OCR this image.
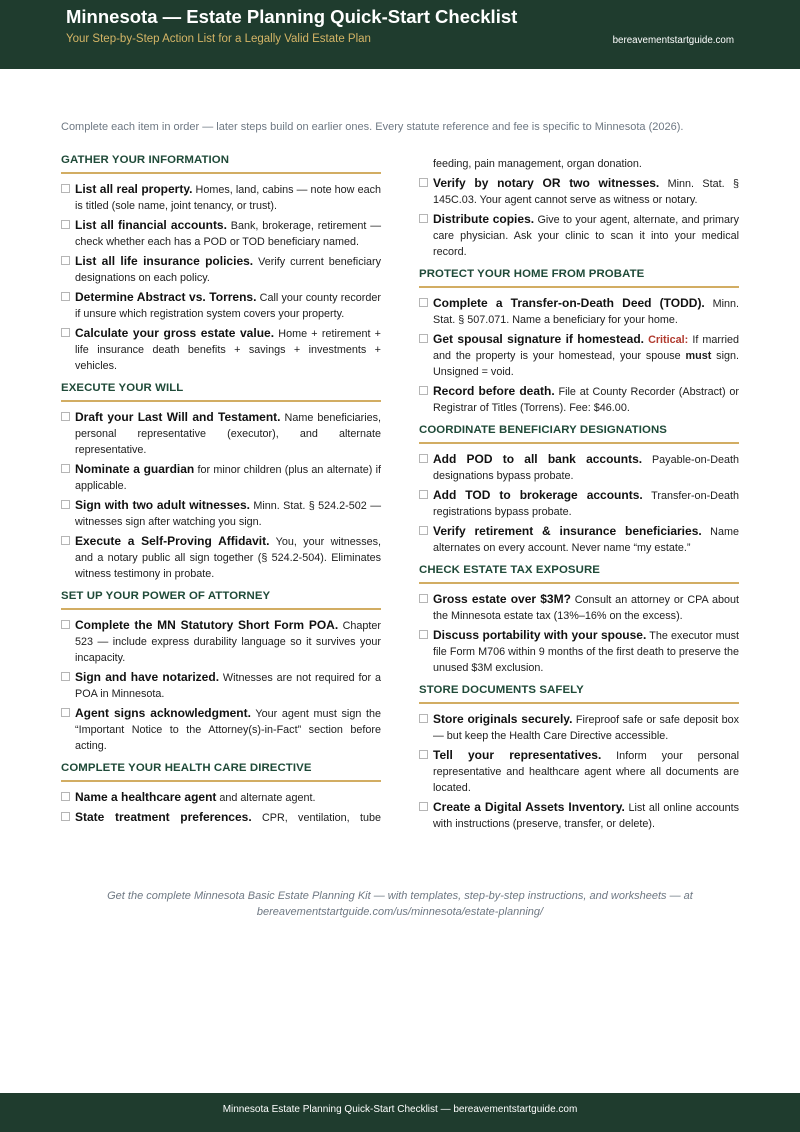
Minnesota — Estate Planning Quick-Start Checklist
Your Step-by-Step Action List for a Legally Valid Estate Plan	bereavementstartguide.com
Complete each item in order — later steps build on earlier ones. Every statute reference and fee is specific to Minnesota (2026).
GATHER YOUR INFORMATION
List all real property. Homes, land, cabins — note how each is titled (sole name, joint tenancy, or trust).
List all financial accounts. Bank, brokerage, retirement — check whether each has a POD or TOD beneficiary named.
List all life insurance policies. Verify current beneficiary designations on each policy.
Determine Abstract vs. Torrens. Call your county recorder if unsure which registration system covers your property.
Calculate your gross estate value. Home + retirement + life insurance death benefits + savings + investments + vehicles.
EXECUTE YOUR WILL
Draft your Last Will and Testament. Name beneficiaries, personal representative (executor), and alternate representative.
Nominate a guardian for minor children (plus an alternate) if applicable.
Sign with two adult witnesses. Minn. Stat. § 524.2-502 — witnesses sign after watching you sign.
Execute a Self-Proving Affidavit. You, your witnesses, and a notary public all sign together (§ 524.2-504). Eliminates witness testimony in probate.
SET UP YOUR POWER OF ATTORNEY
Complete the MN Statutory Short Form POA. Chapter 523 — include express durability language so it survives your incapacity.
Sign and have notarized. Witnesses are not required for a POA in Minnesota.
Agent signs acknowledgment. Your agent must sign the “Important Notice to the Attorney(s)-in-Fact” section before acting.
COMPLETE YOUR HEALTH CARE DIRECTIVE
Name a healthcare agent and alternate agent.
State treatment preferences. CPR, ventilation, tube
feeding, pain management, organ donation.
Verify by notary OR two witnesses. Minn. Stat. § 145C.03. Your agent cannot serve as witness or notary.
Distribute copies. Give to your agent, alternate, and primary care physician. Ask your clinic to scan it into your medical record.
PROTECT YOUR HOME FROM PROBATE
Complete a Transfer-on-Death Deed (TODD). Minn. Stat. § 507.071. Name a beneficiary for your home.
Get spousal signature if homestead. Critical: If married and the property is your homestead, your spouse must sign. Unsigned = void.
Record before death. File at County Recorder (Abstract) or Registrar of Titles (Torrens). Fee: $46.00.
COORDINATE BENEFICIARY DESIGNATIONS
Add POD to all bank accounts. Payable-on-Death designations bypass probate.
Add TOD to brokerage accounts. Transfer-on-Death registrations bypass probate.
Verify retirement & insurance beneficiaries. Name alternates on every account. Never name “my estate.”
CHECK ESTATE TAX EXPOSURE
Gross estate over $3M? Consult an attorney or CPA about the Minnesota estate tax (13%–16% on the excess).
Discuss portability with your spouse. The executor must file Form M706 within 9 months of the first death to preserve the unused $3M exclusion.
STORE DOCUMENTS SAFELY
Store originals securely. Fireproof safe or safe deposit box — but keep the Health Care Directive accessible.
Tell your representatives. Inform your personal representative and healthcare agent where all documents are located.
Create a Digital Assets Inventory. List all online accounts with instructions (preserve, transfer, or delete).
Get the complete Minnesota Basic Estate Planning Kit — with templates, step-by-step instructions, and worksheets — at bereavementstartguide.com/us/minnesota/estate-planning/
Minnesota Estate Planning Quick-Start Checklist — bereavementstartguide.com
